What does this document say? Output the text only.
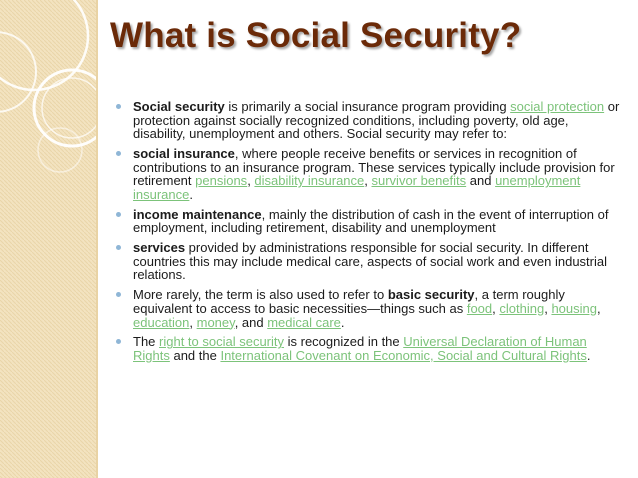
What is Social Security?
Social security is primarily a social insurance program providing social protection or protection against socially recognized conditions, including poverty, old age, disability, unemployment and others. Social security may refer to:
social insurance, where people receive benefits or services in recognition of contributions to an insurance program. These services typically include provision for retirement pensions, disability insurance, survivor benefits and unemployment insurance.
income maintenance, mainly the distribution of cash in the event of interruption of employment, including retirement, disability and unemployment
services provided by administrations responsible for social security. In different countries this may include medical care, aspects of social work and even industrial relations.
More rarely, the term is also used to refer to basic security, a term roughly equivalent to access to basic necessities—things such as food, clothing, housing, education, money, and medical care.
The right to social security is recognized in the Universal Declaration of Human Rights and the International Covenant on Economic, Social and Cultural Rights.
